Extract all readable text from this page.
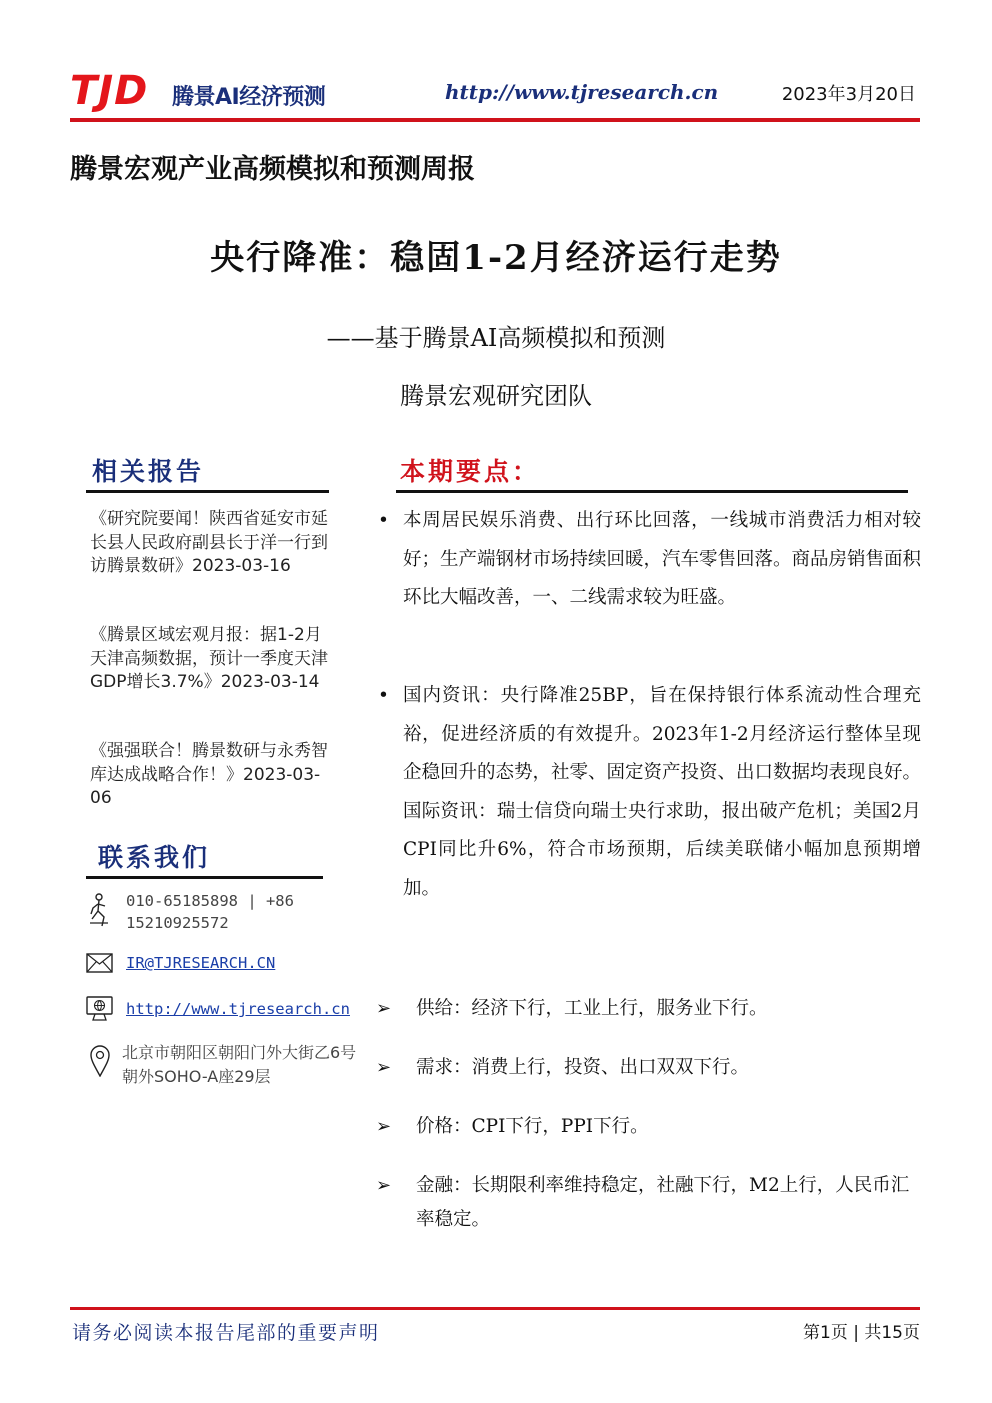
TJD 腾景AI经济预测	http://www.tjresearch.cn	2023年3月20日
腾景宏观产业高频模拟和预测周报
央行降准：稳固1-2月经济运行走势
——基于腾景AI高频模拟和预测
腾景宏观研究团队
相关报告
《研究院要闻！陕西省延安市延长县人民政府副县长于洋一行到访腾景数研》2023-03-16
《腾景区域宏观月报：据1-2月天津高频数据，预计一季度天津GDP增长3.7%》2023-03-14
《强强联合！腾景数研与永秀智库达成战略合作！》2023-03-06
联系我们
010-65185898 | +86
15210925572
IR@TJRESEARCH.CN
http://www.tjresearch.cn
北京市朝阳区朝阳门外大街乙6号朝外SOHO-A座29层
本期要点：
• 本周居民娱乐消费、出行环比回落，一线城市消费活力相对较好；生产端钢材市场持续回暖，汽车零售回落。商品房销售面积环比大幅改善，一、二线需求较为旺盛。
• 国内资讯：央行降准25BP，旨在保持银行体系流动性合理充裕，促进经济质的有效提升。2023年1-2月经济运行整体呈现企稳回升的态势，社零、固定资产投资、出口数据均表现良好。国际资讯：瑞士信贷向瑞士央行求助，报出破产危机；美国2月CPI同比升6%，符合市场预期，后续美联储小幅加息预期增加。
➢ 供给：经济下行，工业上行，服务业下行。
➢ 需求：消费上行，投资、出口双双下行。
➢ 价格：CPI下行，PPI下行。
➢ 金融：长期限利率维持稳定，社融下行，M2上行，人民币汇率稳定。
请务必阅读本报告尾部的重要声明	第1页 | 共15页
